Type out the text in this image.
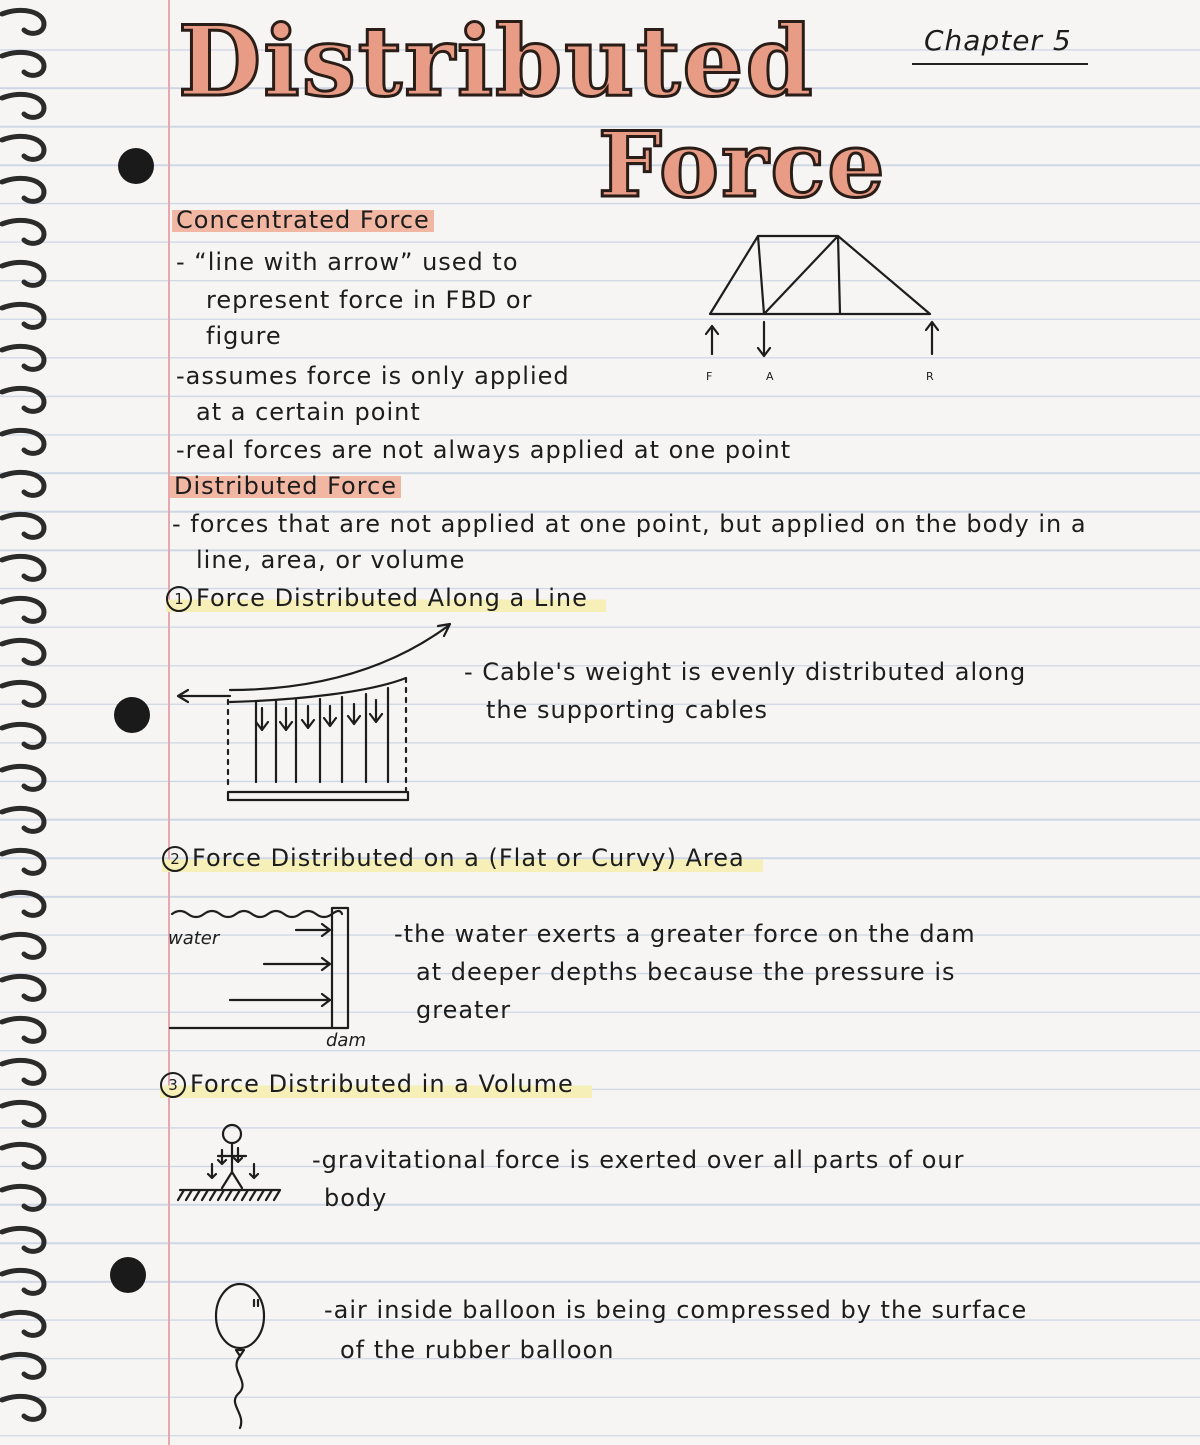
Distributed
Force
Chapter 5
Concentrated Force
- “line with arrow” used to
represent force in FBD or
figure
-assumes force is only applied
at a certain point
-real forces are not always applied at one point
F	A	R
Distributed Force
- forces that are not applied at one point, but applied on the body in a
line, area, or volume
1 Force Distributed Along a Line
- Cable's weight is evenly distributed along
the supporting cables
2 Force Distributed on a (Flat or Curvy) Area
water
dam
-the water exerts a greater force on the dam
at deeper depths because the pressure is
greater
3 Force Distributed in a Volume
-gravitational force is exerted over all parts of our
body
-air inside balloon is being compressed by the surface
of the rubber balloon
